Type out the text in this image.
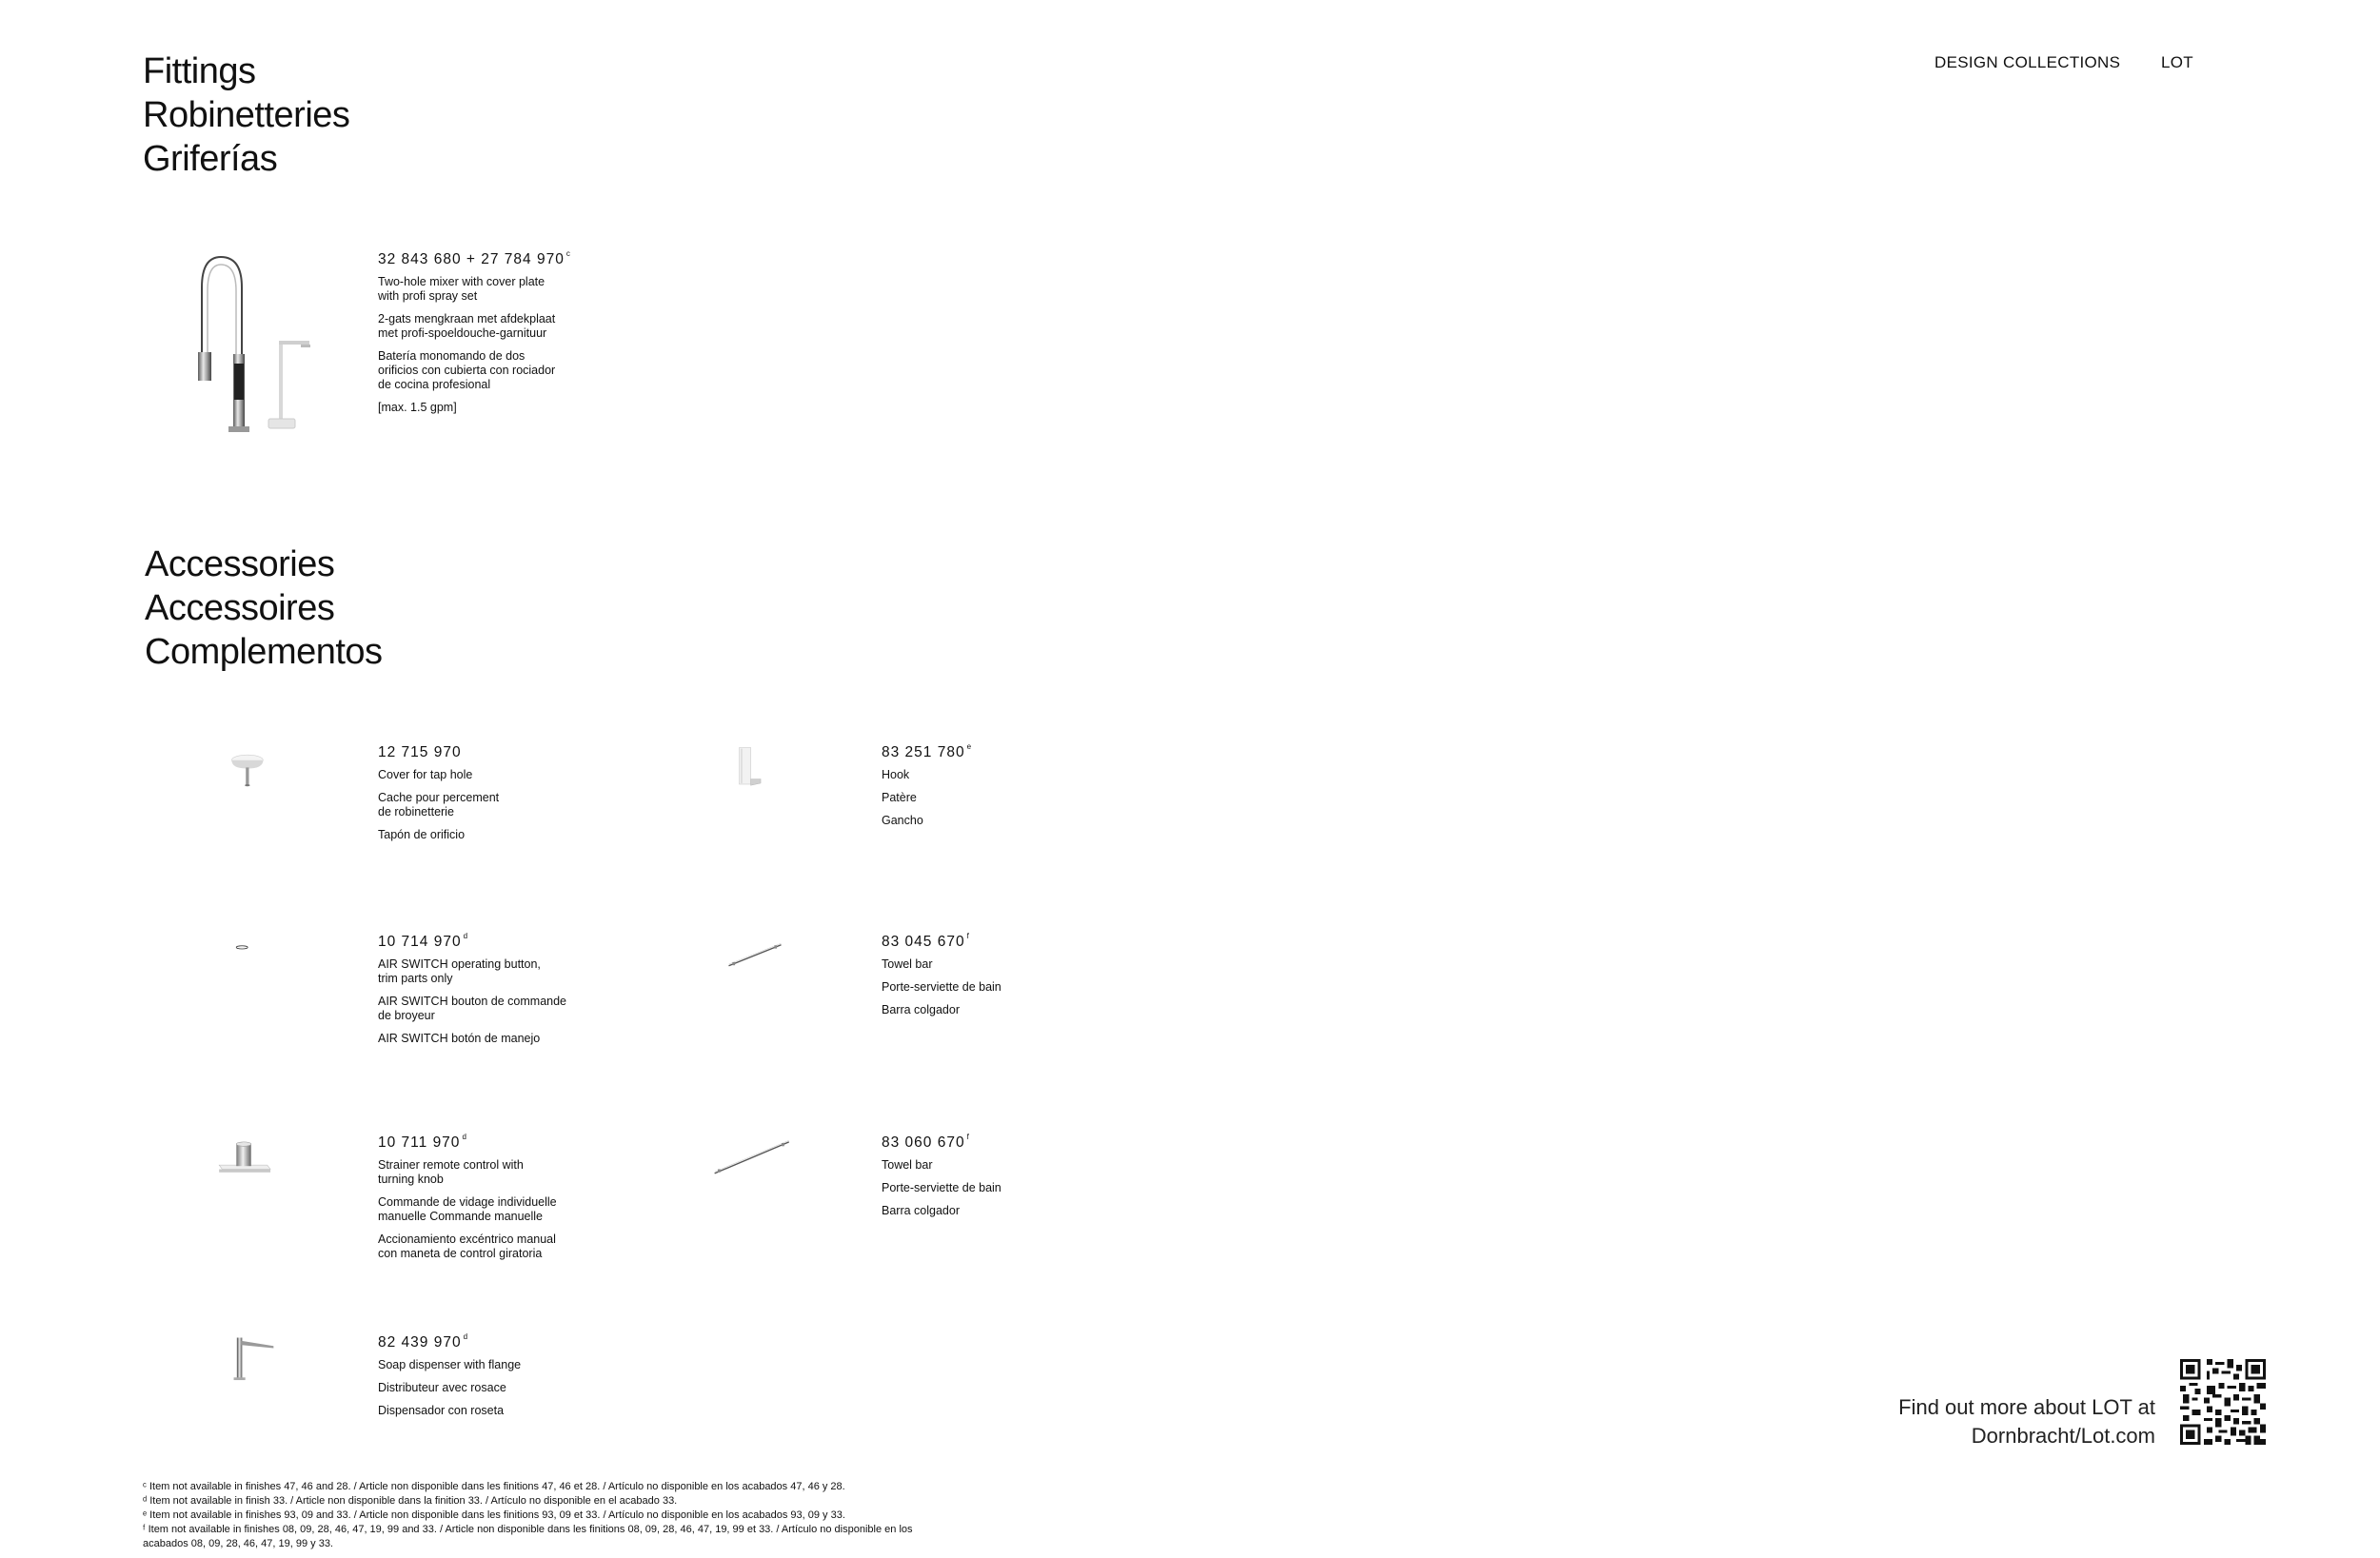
DESIGN COLLECTIONS	LOT
Fittings
Robinetteries
Griferías

32 843 680 + 27 784 970 $^c$

Two-hole mixer with cover plate
with profi spray set

2-gats mengkraan met afdekplaat
met profi-spoeldouche-garnituur

Batería monomando de dos
orificios con cubierta con rociador
de cocina profesional

[max. 1.5 gpm]

Accessories
Accessoires
Complementos

12 715 970

Cover for tap hole

Cache pour percement
de robinetterie

Tapón de orificio

83 251 780 $^e$

Hook

Patère

Gancho

10 714 970 $^d$

AIR SWITCH operating button,
trim parts only

AIR SWITCH bouton de commande
de broyeur

AIR SWITCH botón de manejo

83 045 670 $^f$

Towel bar

Porte-serviette de bain

Barra colgador

10 711 970 $^d$

Strainer remote control with
turning knob

Commande de vidage individuelle
manuelle Commande manuelle

Accionamiento excéntrico manual
con maneta de control giratoria

83 060 670 $^f$

Towel bar

Porte-serviette de bain

Barra colgador

82 439 970 $^d$

Soap dispenser with flange

Distributeur avec rosace

Dispensador con roseta	Find out more about LOT at
Dornbracht/Lot.com

ᶜ Item not available in finishes 47, 46 and 28. / Article non disponible dans les finitions 47, 46 et 28. / Artículo no disponible en los acabados 47, 46 y 28.

ᵈ Item not available in finish 33. / Article non disponible dans la finition 33. / Artículo no disponible en el acabado 33.

ᵉ Item not available in finishes 93, 09 and 33. / Article non disponible dans les finitions 93, 09 et 33. / Artículo no disponible en los acabados 93, 09 y 33.

ᶠ Item not available in finishes 08, 09, 28, 46, 47, 19, 99 and 33. / Article non disponible dans les finitions 08, 09, 28, 46, 47, 19, 99 et 33. / Artículo no disponible en los
acabados 08, 09, 28, 46, 47, 19, 99 y 33.
